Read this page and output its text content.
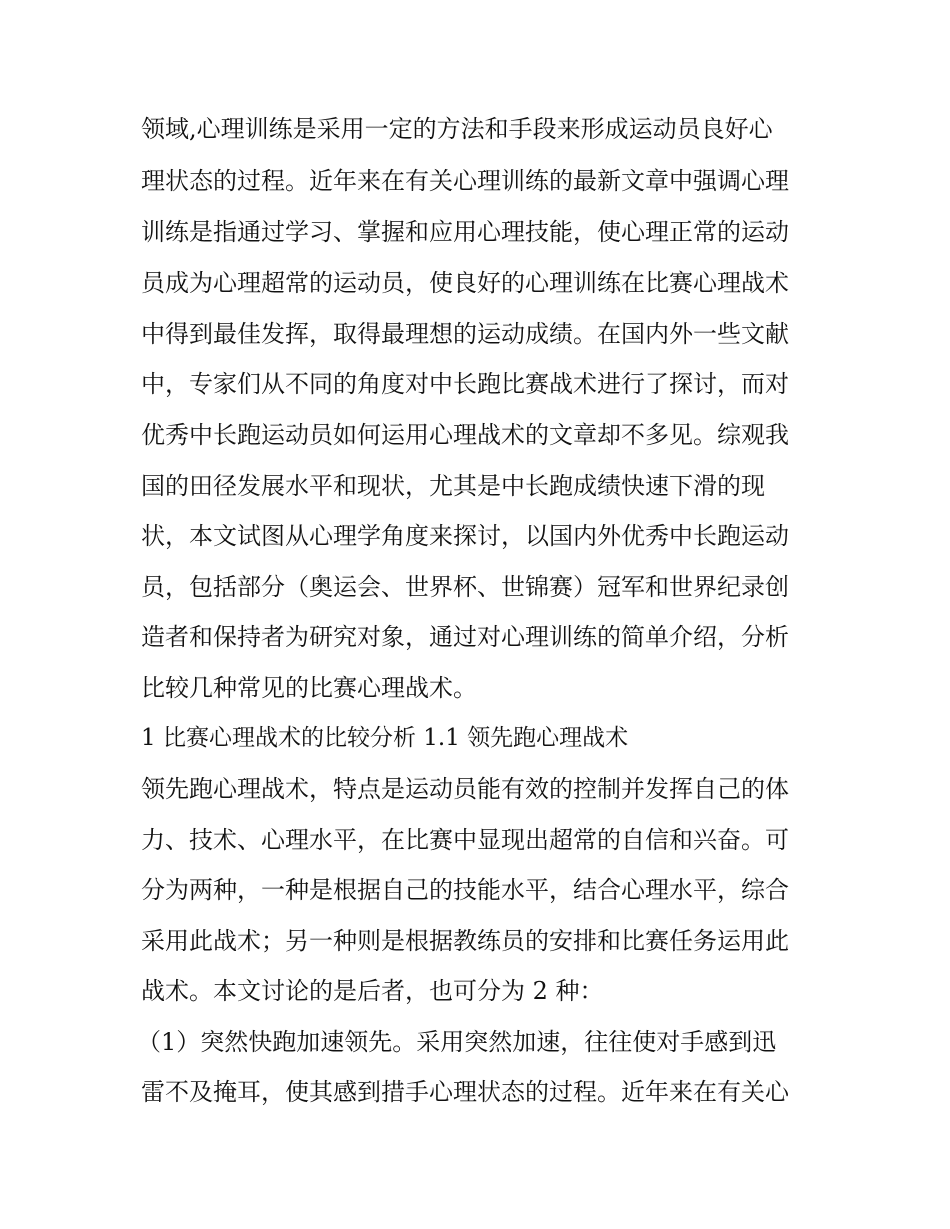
领域,心理训练是采用一定的方法和手段来形成运动员良好心
理状态的过程。近年来在有关心理训练的最新文章中强调心理
训练是指通过学习、掌握和应用心理技能，使心理正常的运动
员成为心理超常的运动员，使良好的心理训练在比赛心理战术
中得到最佳发挥，取得最理想的运动成绩。在国内外一些文献
中，专家们从不同的角度对中长跑比赛战术进行了探讨，而对
优秀中长跑运动员如何运用心理战术的文章却不多见。综观我
国的田径发展水平和现状，尤其是中长跑成绩快速下滑的现
状，本文试图从心理学角度来探讨，以国内外优秀中长跑运动
员，包括部分（奥运会、世界杯、世锦赛）冠军和世界纪录创
造者和保持者为研究对象，通过对心理训练的简单介绍，分析
比较几种常见的比赛心理战术。
1 比赛心理战术的比较分析 1.1 领先跑心理战术
领先跑心理战术，特点是运动员能有效的控制并发挥自己的体
力、技术、心理水平，在比赛中显现出超常的自信和兴奋。可
分为两种，一种是根据自己的技能水平，结合心理水平，综合
采用此战术；另一种则是根据教练员的安排和比赛任务运用此
战术。本文讨论的是后者，也可分为 2 种：
（1）突然快跑加速领先。采用突然加速，往往使对手感到迅
雷不及掩耳，使其感到措手心理状态的过程。近年来在有关心
